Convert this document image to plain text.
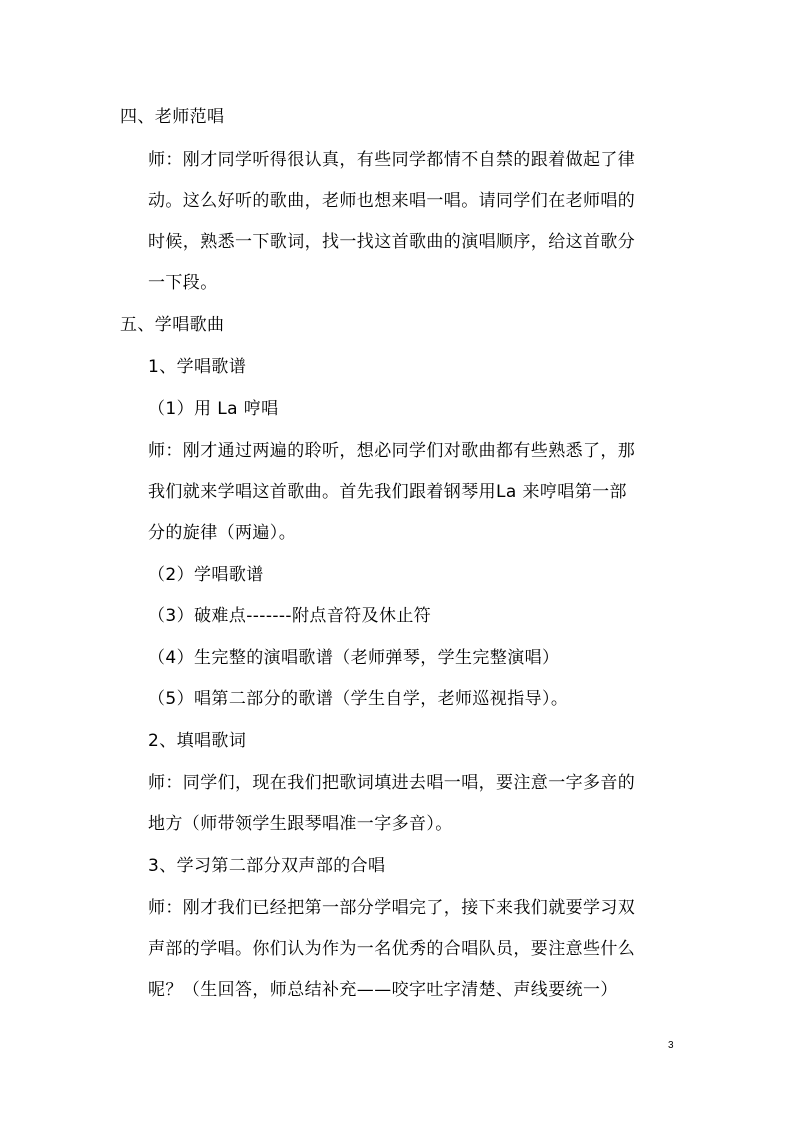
四、老师范唱
师：刚才同学听得很认真，有些同学都情不自禁的跟着做起了律
动。这么好听的歌曲，老师也想来唱一唱。请同学们在老师唱的
时候，熟悉一下歌词，找一找这首歌曲的演唱顺序，给这首歌分
一下段。
五、学唱歌曲
1、学唱歌谱
（1）用 La 哼唱
师：刚才通过两遍的聆听，想必同学们对歌曲都有些熟悉了，那
我们就来学唱这首歌曲。首先我们跟着钢琴用La 来哼唱第一部
分的旋律（两遍）。
（2）学唱歌谱
（3）破难点-------附点音符及休止符
（4）生完整的演唱歌谱（老师弹琴，学生完整演唱）
（5）唱第二部分的歌谱（学生自学，老师巡视指导）。
2、填唱歌词
师：同学们，现在我们把歌词填进去唱一唱，要注意一字多音的
地方（师带领学生跟琴唱准一字多音）。
3、学习第二部分双声部的合唱
师：刚才我们已经把第一部分学唱完了，接下来我们就要学习双
声部的学唱。你们认为作为一名优秀的合唱队员，要注意些什么
呢？（生回答，师总结补充——咬字吐字清楚、声线要统一）
3
